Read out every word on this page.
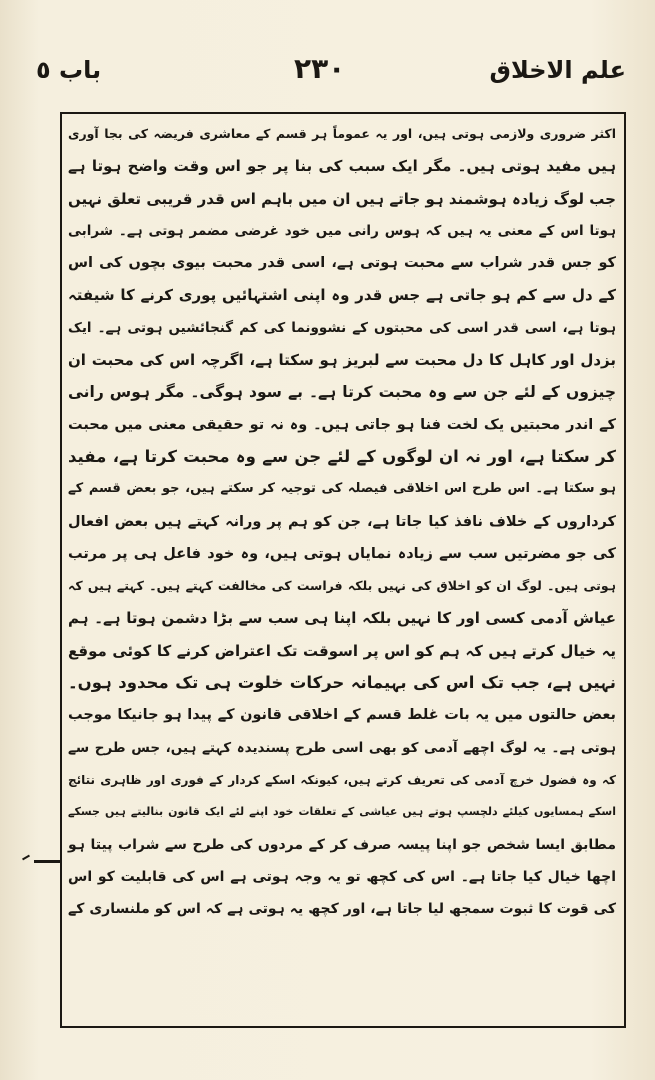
باب ٥	٢٣٠	علم الاخلاق
اکثر ضروری ولازمی ہوتی ہیں، اور یہ عموماً ہر قسم کے معاشری فریضہ کی بجا آوری
ہیں مفید ہوتی ہیں۔ مگر ایک سبب کی بنا پر جو اس وقت واضح ہوتا ہے
جب لوگ زیادہ ہوشمند ہو جاتے ہیں ان میں باہم اس قدر قریبی تعلق نہیں
ہوتا اس کے معنی یہ ہیں کہ ہوس رانی میں خود غرضی مضمر ہوتی ہے۔ شرابی
کو جس قدر شراب سے محبت ہوتی ہے، اسی قدر محبت بیوی بچوں کی اس
کے دل سے کم ہو جاتی ہے جس قدر وہ اپنی اشتہائیں پوری کرنے کا شیفتہ
ہوتا ہے، اسی قدر اسی کی محبتوں کے نشوونما کی کم گنجائشیں ہوتی ہے۔ ایک
بزدل اور کاہل کا دل محبت سے لبریز ہو سکتا ہے، اگرچہ اس کی محبت ان
چیزوں کے لئے جن سے وہ محبت کرتا ہے۔ بے سود ہوگی۔ مگر ہوس رانی
کے اندر محبتیں یک لخت فنا ہو جاتی ہیں۔ وہ نہ تو حقیقی معنی میں محبت
کر سکتا ہے، اور نہ ان لوگوں کے لئے جن سے وہ محبت کرتا ہے، مفید
ہو سکتا ہے۔ اس طرح اس اخلاقی فیصلہ کی توجیہ کر سکتے ہیں، جو بعض قسم کے
کرداروں کے خلاف نافذ کیا جاتا ہے، جن کو ہم پر ورانہ کہتے ہیں بعض افعال
کی جو مضرتیں سب سے زیادہ نمایاں ہوتی ہیں، وہ خود فاعل ہی پر مرتب
ہوتی ہیں۔ لوگ ان کو اخلاق کی نہیں بلکہ فراست کی مخالفت کہتے ہیں۔ کہتے ہیں کہ
عیاش آدمی کسی اور کا نہیں بلکہ اپنا ہی سب سے بڑا دشمن ہوتا ہے۔ ہم
یہ خیال کرتے ہیں کہ ہم کو اس پر اسوقت تک اعتراض کرنے کا کوئی موقع
نہیں ہے، جب تک اس کی بہیمانہ حرکات خلوت ہی تک محدود ہوں۔
بعض حالتوں میں یہ بات غلط قسم کے اخلاقی قانون کے پیدا ہو جانیکا موجب
ہوتی ہے۔ یہ لوگ اچھے آدمی کو بھی اسی طرح پسندیدہ کہتے ہیں، جس طرح سے
کہ وہ فضول خرچ آدمی کی تعریف کرتے ہیں، کیونکہ اسکے کردار کے فوری اور ظاہری نتائج
اسکے ہمسایوں کیلئے دلچسپ ہوتے ہیں عیاشی کے تعلقات خود اپنے لئے ایک قانون بنالیتے ہیں جسکے
مطابق ایسا شخص جو اپنا پیسہ صرف کر کے مردوں کی طرح سے شراب پیتا ہو
اچھا خیال کیا جاتا ہے۔ اس کی کچھ تو یہ وجہ ہوتی ہے اس کی قابلیت کو اس
کی قوت کا ثبوت سمجھ لیا جاتا ہے، اور کچھ یہ ہوتی ہے کہ اس کو ملنساری کے
